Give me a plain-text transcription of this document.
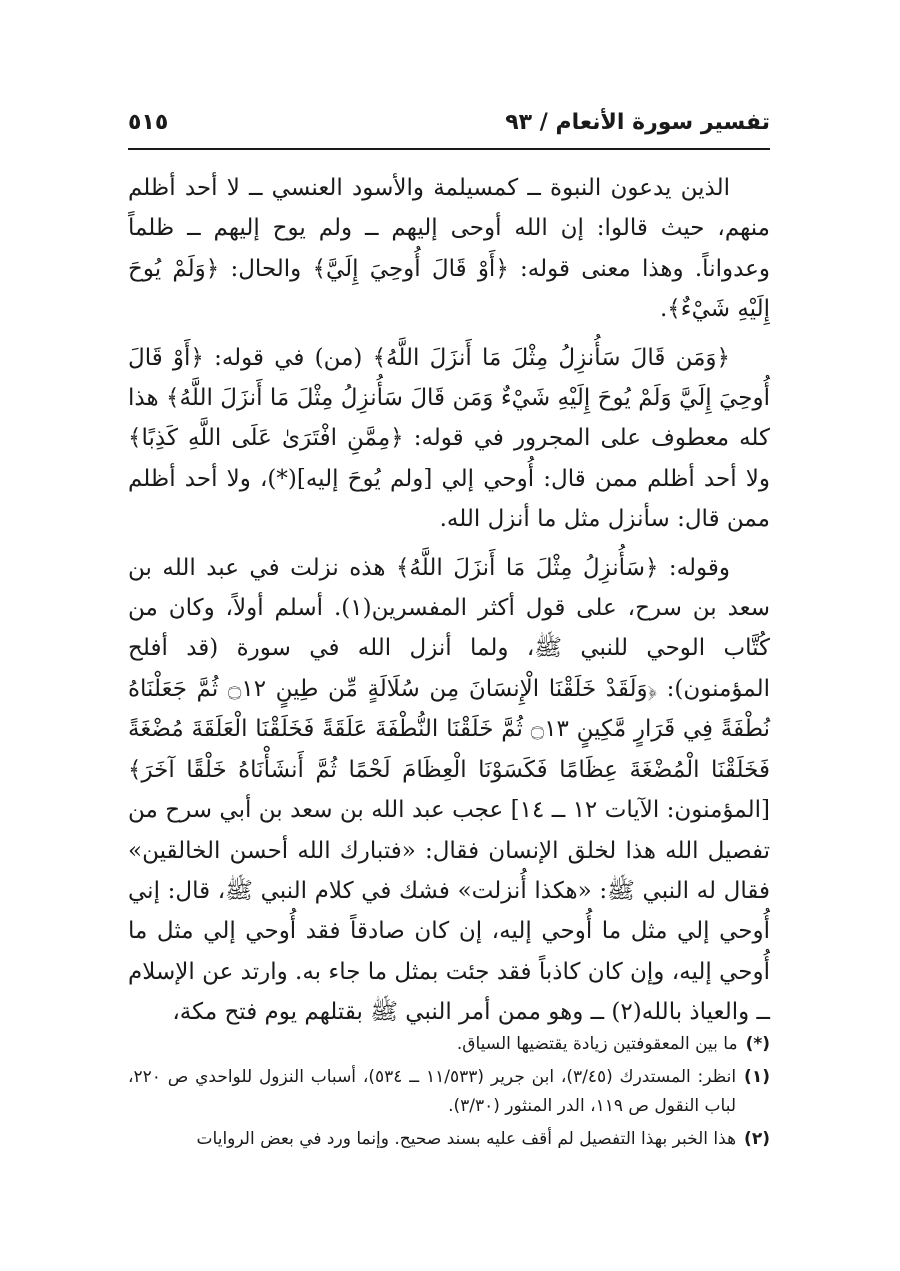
تفسير سورة الأنعام / ٩٣
٥١٥

الذين يدعون النبوة ــ كمسيلمة والأسود العنسي ــ لا أحد أظلم منهم، حيث قالوا: إن الله أوحى إليهم ــ ولم يوح إليهم ــ ظلماً وعدواناً. وهذا معنى قوله: ﴿أَوْ قَالَ أُوحِيَ إِلَيَّ﴾ والحال: ﴿وَلَمْ يُوحَ إِلَيْهِ شَيْءٌ﴾.

﴿وَمَن قَالَ سَأُنزِلُ مِثْلَ مَا أَنزَلَ اللَّهُ﴾ (من) في قوله: ﴿أَوْ قَالَ أُوحِيَ إِلَيَّ وَلَمْ يُوحَ إِلَيْهِ شَيْءٌ وَمَن قَالَ سَأُنزِلُ مِثْلَ مَا أَنزَلَ اللَّهُ﴾ هذا كله معطوف على المجرور في قوله: ﴿مِمَّنِ افْتَرَىٰ عَلَى اللَّهِ كَذِبًا﴾ ولا أحد أظلم ممن قال: أُوحي إلي [ولم يُوحَ إليه](*)، ولا أحد أظلم ممن قال: سأنزل مثل ما أنزل الله.

وقوله: ﴿سَأُنزِلُ مِثْلَ مَا أَنزَلَ اللَّهُ﴾ هذه نزلت في عبد الله بن سعد بن سرح، على قول أكثر المفسرين(١). أسلم أولاً، وكان من كُتَّاب الوحي للنبي ﷺ، ولما أنزل الله في سورة (قد أفلح المؤمنون): ﴿وَلَقَدْ خَلَقْنَا الْإِنسَانَ مِن سُلَالَةٍ مِّن طِينٍ ۝١٢ ثُمَّ جَعَلْنَاهُ نُطْفَةً فِي قَرَارٍ مَّكِينٍ ۝١٣ ثُمَّ خَلَقْنَا النُّطْفَةَ عَلَقَةً فَخَلَقْنَا الْعَلَقَةَ مُضْغَةً فَخَلَقْنَا الْمُضْغَةَ عِظَامًا فَكَسَوْنَا الْعِظَامَ لَحْمًا ثُمَّ أَنشَأْنَاهُ خَلْقًا آخَرَ﴾ [المؤمنون: الآيات ١٢ ــ ١٤] عجب عبد الله بن سعد بن أبي سرح من تفصيل الله هذا لخلق الإنسان فقال: «فتبارك الله أحسن الخالقين» فقال له النبي ﷺ: «هكذا أُنزلت» فشك في كلام النبي ﷺ، قال: إني أُوحي إلي مثل ما أُوحي إليه، إن كان صادقاً فقد أُوحي إلي مثل ما أُوحي إليه، وإن كان كاذباً فقد جئت بمثل ما جاء به. وارتد عن الإسلام ــ والعياذ بالله(٢) ــ وهو ممن أمر النبي ﷺ بقتلهم يوم فتح مكة،

(*)
ما بين المعقوفتين زيادة يقتضيها السياق.
(١)
انظر: المستدرك (٣/٤٥)، ابن جرير (١١/٥٣٣ ــ ٥٣٤)، أسباب النزول للواحدي ص ٢٢٠، لباب النقول ص ١١٩، الدر المنثور (٣/٣٠).
(٢)
هذا الخبر بهذا التفصيل لم أقف عليه بسند صحيح. وإنما ورد في بعض الروايات
